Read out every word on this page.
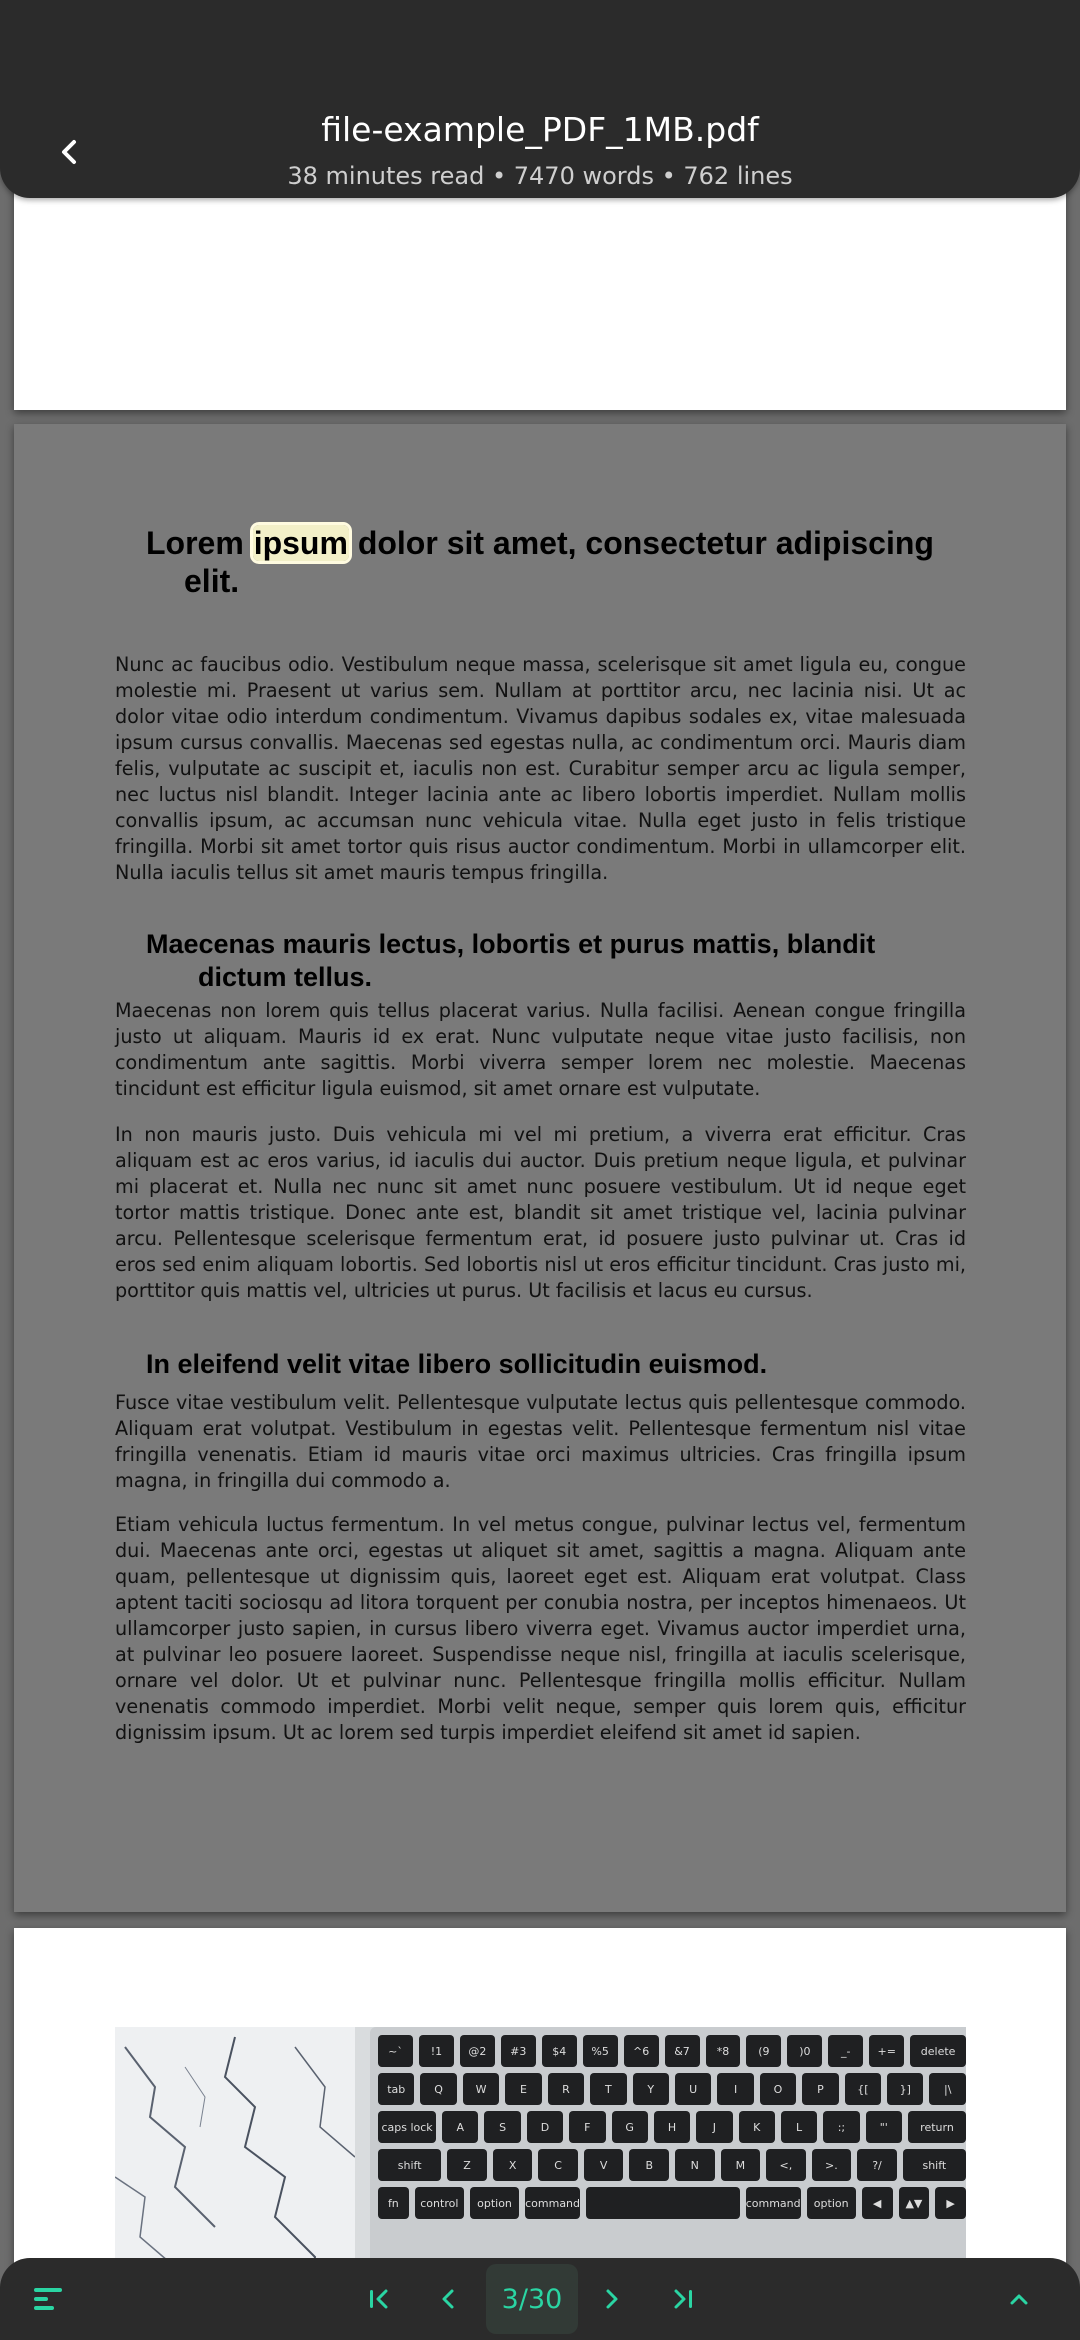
Lorem ipsum dolor sit amet, consectetur adipiscing
elit.

Nunc ac faucibus odio. Vestibulum neque massa, scelerisque sit amet ligula eu, congue molestie mi. Praesent ut varius sem. Nullam at porttitor arcu, nec lacinia nisi. Ut ac dolor vitae odio interdum condimentum. Vivamus dapibus sodales ex, vitae malesuada ipsum cursus convallis. Maecenas sed egestas nulla, ac condimentum orci. Mauris diam felis, vulputate ac suscipit et, iaculis non est. Curabitur semper arcu ac ligula semper, nec luctus nisl blandit. Integer lacinia ante ac libero lobortis imperdiet. Nullam mollis convallis ipsum, ac accumsan nunc vehicula vitae. Nulla eget justo in felis tristique fringilla. Morbi sit amet tortor quis risus auctor condimentum. Morbi in ullamcorper elit. Nulla iaculis tellus sit amet mauris tempus fringilla.

Maecenas mauris lectus, lobortis et purus mattis, blandit
dictum tellus.

Maecenas non lorem quis tellus placerat varius. Nulla facilisi. Aenean congue fringilla justo ut aliquam. Mauris id ex erat. Nunc vulputate neque vitae justo facilisis, non condimentum ante sagittis. Morbi viverra semper lorem nec molestie. Maecenas tincidunt est efficitur ligula euismod, sit amet ornare est vulputate.

In non mauris justo. Duis vehicula mi vel mi pretium, a viverra erat efficitur. Cras aliquam est ac eros varius, id iaculis dui auctor. Duis pretium neque ligula, et pulvinar mi placerat et. Nulla nec nunc sit amet nunc posuere vestibulum. Ut id neque eget tortor mattis tristique. Donec ante est, blandit sit amet tristique vel, lacinia pulvinar arcu. Pellentesque scelerisque fermentum erat, id posuere justo pulvinar ut. Cras id eros sed enim aliquam lobortis. Sed lobortis nisl ut eros efficitur tincidunt. Cras justo mi, porttitor quis mattis vel, ultricies ut purus. Ut facilisis et lacus eu cursus.

In eleifend velit vitae libero sollicitudin euismod.

Fusce vitae vestibulum velit. Pellentesque vulputate lectus quis pellentesque commodo. Aliquam erat volutpat. Vestibulum in egestas velit. Pellentesque fermentum nisl vitae fringilla venenatis. Etiam id mauris vitae orci maximus ultricies. Cras fringilla ipsum magna, in fringilla dui commodo a.

Etiam vehicula luctus fermentum. In vel metus congue, pulvinar lectus vel, fermentum dui. Maecenas ante orci, egestas ut aliquet sit amet, sagittis a magna. Aliquam ante quam, pellentesque ut dignissim quis, laoreet eget est. Aliquam erat volutpat. Class aptent taciti sociosqu ad litora torquent per conubia nostra, per inceptos himenaeos. Ut ullamcorper justo sapien, in cursus libero viverra eget. Vivamus auctor imperdiet urna, at pulvinar leo posuere laoreet. Suspendisse neque nisl, fringilla at iaculis scelerisque, ornare vel dolor. Ut et pulvinar nunc. Pellentesque fringilla mollis efficitur. Nullam venenatis commodo imperdiet. Morbi velit neque, semper quis lorem quis, efficitur dignissim ipsum. Ut ac lorem sed turpis imperdiet eleifend sit amet id sapien.

~`	!1	@2	#3	$4	%5	^6	&7	*8	(9	)0	_-	+=	delete
tab	Q	W	E	R	T	Y	U	I	O	P	{[	}]	|\
caps lock	A	S	D	F	G	H	J	K	L	:;	"'	return
shift	Z	X	C	V	B	N	M	<,	>.	?/	shift
fn	control	option	command	command	option	◀	▲▼	▶
file-example_PDF_1MB.pdf
38 minutes read • 7470 words • 762 lines
3/30
